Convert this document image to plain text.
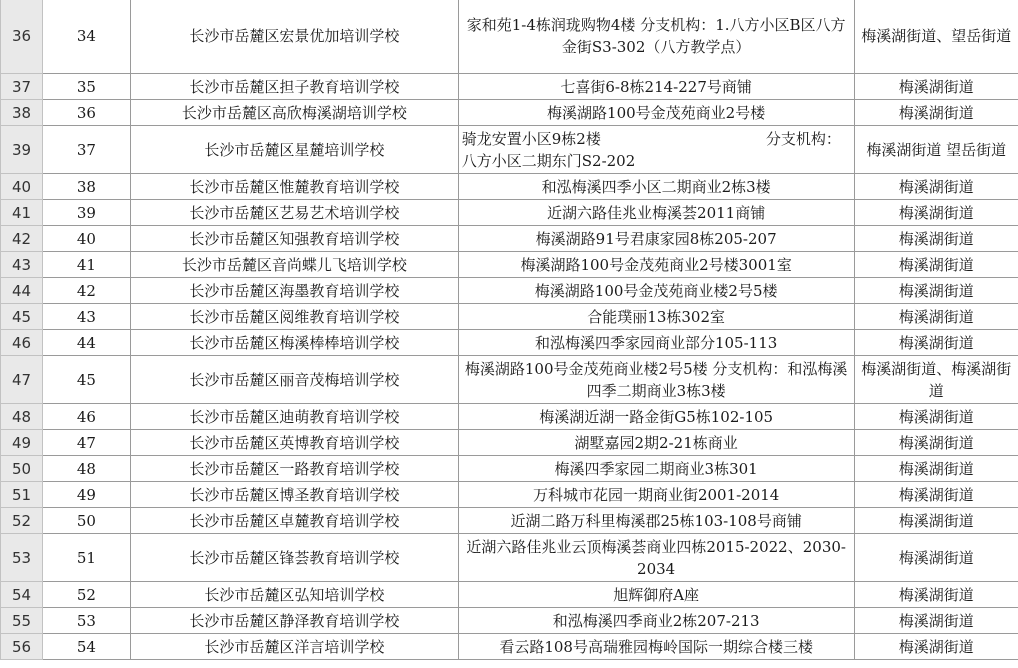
36	34	长沙市岳麓区宏景优加培训学校	家和苑1-4栋润珑购物4楼 分支机构：1.八方小区B区八方金街S3-302（八方教学点）	梅溪湖街道、望岳街道
37	35	长沙市岳麓区担子教育培训学校	七喜街6-8栋214-227号商铺	梅溪湖街道
38	36	长沙市岳麓区高欣梅溪湖培训学校	梅溪湖路100号金茂苑商业2号楼	梅溪湖街道
39	37	长沙市岳麓区星麓培训学校	骑龙安置小区9栋2楼　　　　　　　　　　　分支机构：八方小区二期东门S2-202	梅溪湖街道 望岳街道
40	38	长沙市岳麓区惟麓教育培训学校	和泓梅溪四季小区二期商业2栋3楼	梅溪湖街道
41	39	长沙市岳麓区艺易艺术培训学校	近湖六路佳兆业梅溪荟2011商铺	梅溪湖街道
42	40	长沙市岳麓区知强教育培训学校	梅溪湖路91号君康家园8栋205-207	梅溪湖街道
43	41	长沙市岳麓区音尚蝶儿飞培训学校	梅溪湖路100号金茂苑商业2号楼3001室	梅溪湖街道
44	42	长沙市岳麓区海墨教育培训学校	梅溪湖路100号金茂苑商业楼2号5楼	梅溪湖街道
45	43	长沙市岳麓区阅维教育培训学校	合能璞丽13栋302室	梅溪湖街道
46	44	长沙市岳麓区梅溪棒棒培训学校	和泓梅溪四季家园商业部分105-113	梅溪湖街道
47	45	长沙市岳麓区丽音茂梅培训学校	梅溪湖路100号金茂苑商业楼2号5楼 分支机构：和泓梅溪四季二期商业3栋3楼	梅溪湖街道、梅溪湖街道
48	46	长沙市岳麓区迪萌教育培训学校	梅溪湖近湖一路金街G5栋102-105	梅溪湖街道
49	47	长沙市岳麓区英博教育培训学校	湖墅嘉园2期2-21栋商业	梅溪湖街道
50	48	长沙市岳麓区一路教育培训学校	梅溪四季家园二期商业3栋301	梅溪湖街道
51	49	长沙市岳麓区博圣教育培训学校	万科城市花园一期商业街2001-2014	梅溪湖街道
52	50	长沙市岳麓区卓麓教育培训学校	近湖二路万科里梅溪郡25栋103-108号商铺	梅溪湖街道
53	51	长沙市岳麓区锋荟教育培训学校	近湖六路佳兆业云顶梅溪荟商业四栋2015-2022、2030-2034	梅溪湖街道
54	52	长沙市岳麓区弘知培训学校	旭辉御府A座	梅溪湖街道
55	53	长沙市岳麓区静泽教育培训学校	和泓梅溪四季商业2栋207-213	梅溪湖街道
56	54	长沙市岳麓区洋言培训学校	看云路108号高瑞雅园梅岭国际一期综合楼三楼	梅溪湖街道
